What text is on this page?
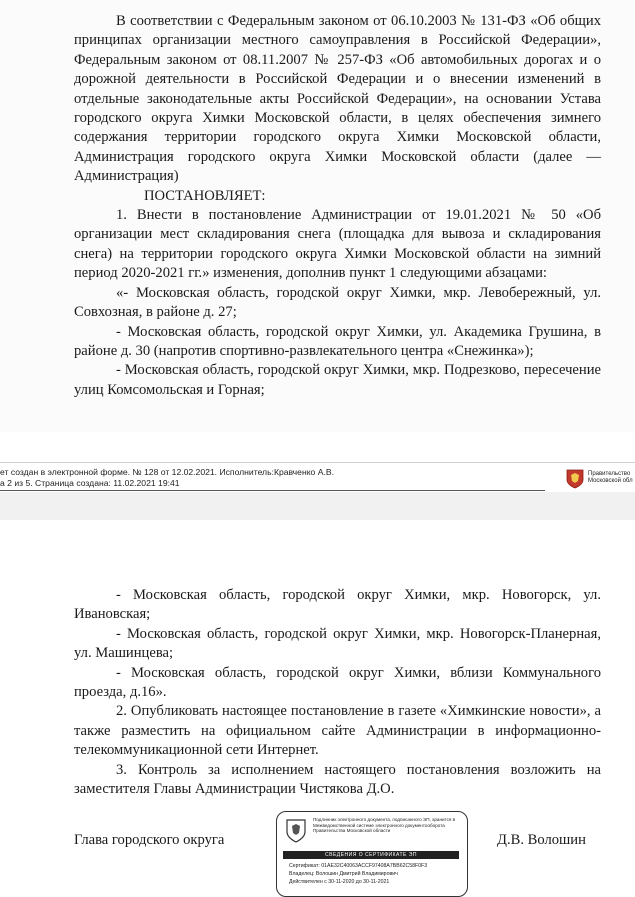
В соответствии с Федеральным законом от 06.10.2003 № 131-ФЗ «Об общих принципах организации местного самоуправления в Российской Федерации», Федеральным законом от 08.11.2007 № 257-ФЗ «Об автомобильных дорогах и о дорожной деятельности в Российской Федерации и о внесении изменений в отдельные законодательные акты Российской Федерации», на основании Устава городского округа Химки Московской области, в целях обеспечения зимнего содержания территории городского округа Химки Московской области, Администрация городского округа Химки Московской области (далее — Администрация)

ПОСТАНОВЛЯЕТ:

1. Внести в постановление Администрации от 19.01.2021 № 50 «Об организации мест складирования снега (площадка для вывоза и складирования снега) на территории городского округа Химки Московской области на зимний период 2020-2021 гг.» изменения, дополнив пункт 1 следующими абзацами:

«- Московская область, городской округ Химки, мкр. Левобережный, ул. Совхозная, в районе д. 27;

- Московская область, городской округ Химки, ул. Академика Грушина, в районе д. 30 (напротив спортивно-развлекательного центра «Снежинка»);

- Московская область, городской округ Химки, мкр. Подрезково, пересечение улиц Комсомольская и Горная;

ет создан в электронной форме. № 128 от 12.02.2021. Исполнитель:Кравченко А.В.
а 2 из 5. Страница создана: 11.02.2021 19:41
Правительство
Московской обл

- Московская область, городской округ Химки, мкр. Новогорск, ул. Ивановская;

- Московская область, городской округ Химки, мкр. Новогорск-Планерная, ул. Машинцева;

- Московская область, городской округ Химки, вблизи Коммунального проезда, д.16».

2. Опубликовать настоящее постановление в газете «Химкинские новости», а также разместить на официальном сайте Администрации в информационно-телекоммуникационной сети Интернет.

3. Контроль за исполнением настоящего постановления возложить на заместителя Главы Администрации Чистякова Д.О.

Глава городского округа	Д.В. Волошин
Подлинник электронного документа, подписанного ЭП, хранится в Межведомственной системе электронного документооборота Правительства Московской области
СВЕДЕНИЯ О СЕРТИФИКАТЕ ЭП
Сертификат: 01AE32C40063ACCF97408A7BB62C58F0F3
Владелец: Волошин Дмитрий Владимирович
Действителен с 30-11-2020 до 30-11-2021
